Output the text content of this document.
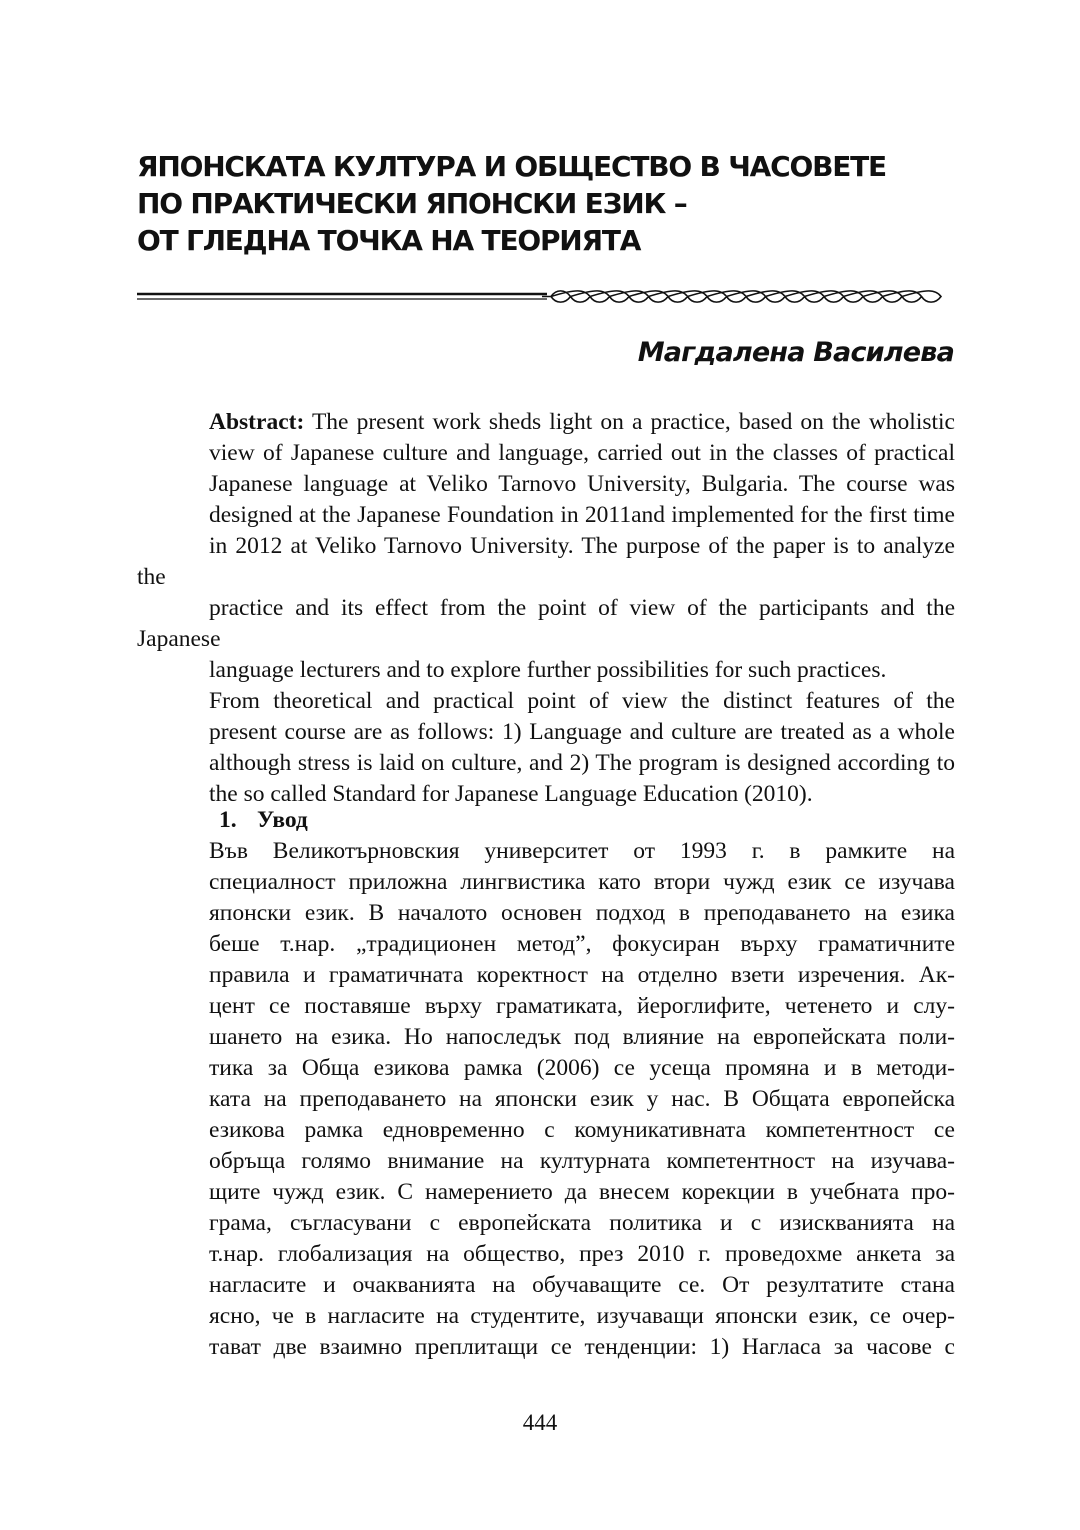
ЯПОНСКАТА КУЛТУРА И ОБЩЕСТВО В ЧАСОВЕТЕ
ПО ПРАКТИЧЕСКИ ЯПОНСКИ ЕЗИК –
ОТ ГЛЕДНА ТОЧКА НА ТЕОРИЯТА
Магдалена Василева

Abstract: The present work sheds light on a practice, based on the wholistic
view of Japanese culture and language, carried out in the classes of practical
Japanese language at Veliko Tarnovo University, Bulgaria. The course was
designed at the Japanese Foundation in 2011and implemented for the first time
in 2012 at Veliko Tarnovo University. The purpose of the paper is to analyze the
practice and its effect from the point of view of the participants and the Japanese
language lecturers and to explore further possibilities for such practices.

From theoretical and practical point of view the distinct features of the
present course are as follows: 1) Language and culture are treated as a whole
although stress is laid on culture, and 2) The program is designed according to
the so called Standard for Japanese Language Education (2010).

1. Увод

Във Великотърновския университет от 1993 г. в рамките на
специалност приложна лингвистика като втори чужд език се изучава
японски език. В началото основен подход в преподаването на езика
беше т.нар. „традиционен метод”, фокусиран върху граматичните
правила и граматичната коректност на отделно взети изречения. Ак-
цент се поставяше върху граматиката, йероглифите, четенето и слу-
шането на езика. Но напоследък под влияние на европейската поли-
тика за Обща езикова рамка (2006) се усеща промяна и в методи-
ката на преподаването на японски език у нас. В Общата европейска
езикова рамка едновременно с комуникативната компетентност се
обръща голямо внимание на културната компетентност на изучава-
щите чужд език. С намерението да внесем корекции в учебната про-
грама, съгласувани с европейската политика и с изискванията на
т.нар. глобализация на общество, през 2010 г. проведохме анкета за
нагласите и очакванията на обучаващите се. От резултатите стана
ясно, че в нагласите на студентите, изучаващи японски език, се очер-
тават две взаимно преплитащи се тенденции: 1) Нагласа за часове с

444
